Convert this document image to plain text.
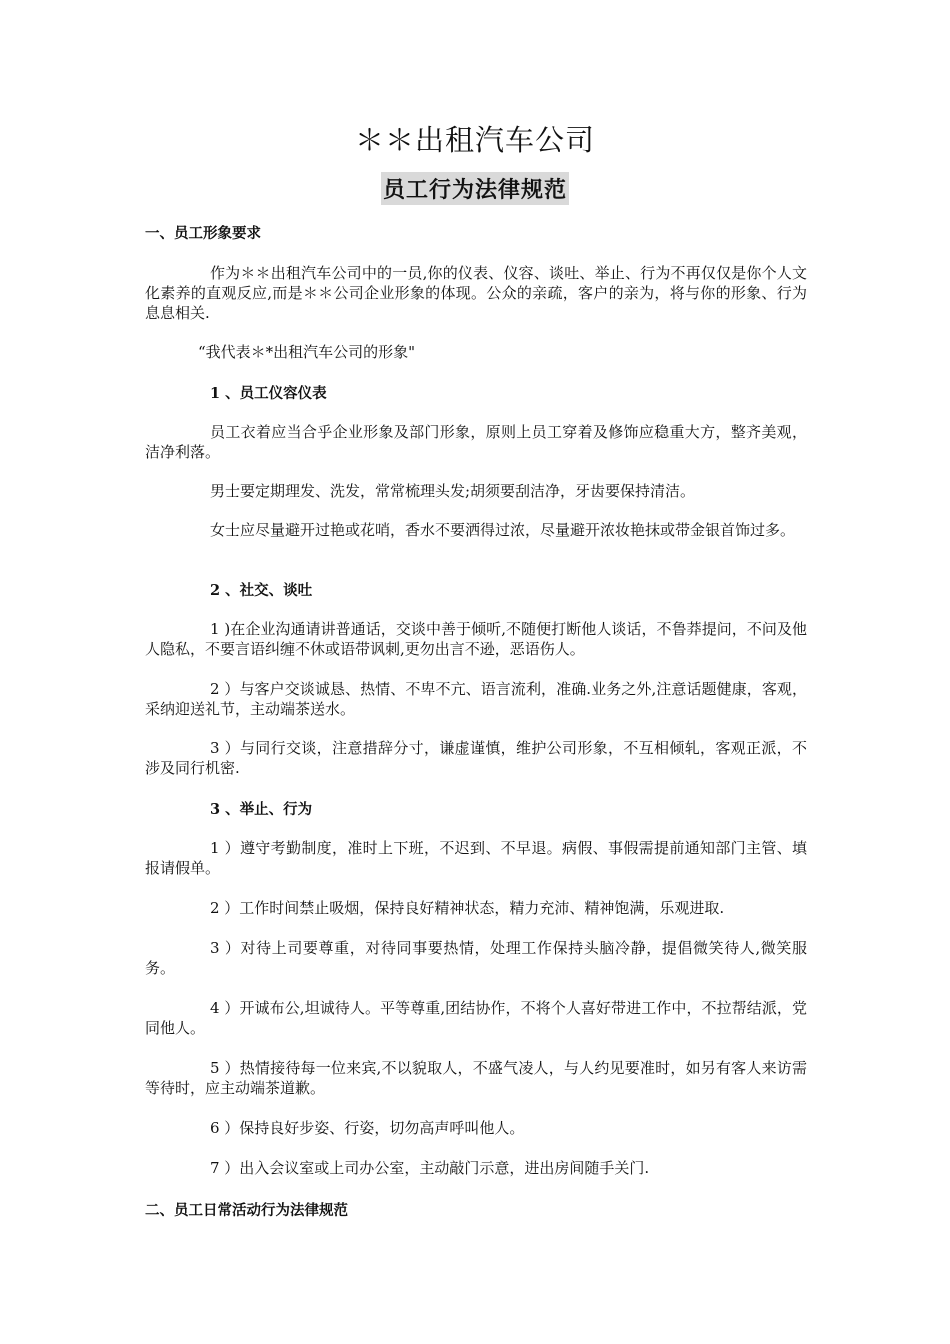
＊＊出租汽车公司
员工行为法律规范
一、员工形象要求
作为＊＊出租汽车公司中的一员,你的仪表、仪容、谈吐、举止、行为不再仅仅是你个人文化素养的直观反应,而是＊＊公司企业形象的体现。公众的亲疏，客户的亲为，将与你的形象、行为息息相关.
“我代表＊*出租汽车公司的形象"
1 、员工仪容仪表
员工衣着应当合乎企业形象及部门形象，原则上员工穿着及修饰应稳重大方，整齐美观，洁净利落。
男士要定期理发、洗发，常常梳理头发;胡须要刮洁净，牙齿要保持清洁。
女士应尽量避开过艳或花哨，香水不要洒得过浓，尽量避开浓妆艳抹或带金银首饰过多。
2 、社交、谈吐
1 )在企业沟通请讲普通话，交谈中善于倾听,不随便打断他人谈话，不鲁莽提问，不问及他人隐私，不要言语纠缠不休或语带讽刺,更勿出言不逊，恶语伤人。
2 ）与客户交谈诚恳、热情、不卑不亢、语言流利，准确.业务之外,注意话题健康，客观，采纳迎送礼节，主动端茶送水。
3 ）与同行交谈，注意措辞分寸，谦虚谨慎，维护公司形象，不互相倾轧，客观正派，不涉及同行机密.
3 、举止、行为
1 ）遵守考勤制度，准时上下班，不迟到、不早退。病假、事假需提前通知部门主管、填报请假单。
2 ）工作时间禁止吸烟，保持良好精神状态，精力充沛、精神饱满，乐观进取.
3 ）对待上司要尊重，对待同事要热情，处理工作保持头脑冷静，提倡微笑待人,微笑服务。
4 ）开诚布公,坦诚待人。平等尊重,团结协作，不将个人喜好带进工作中，不拉帮结派，党同他人。
5 ）热情接待每一位来宾,不以貌取人，不盛气凌人，与人约见要准时，如另有客人来访需等待时，应主动端茶道歉。
6 ）保持良好步姿、行姿，切勿高声呼叫他人。
7 ）出入会议室或上司办公室，主动敲门示意，进出房间随手关门.
二、员工日常活动行为法律规范
